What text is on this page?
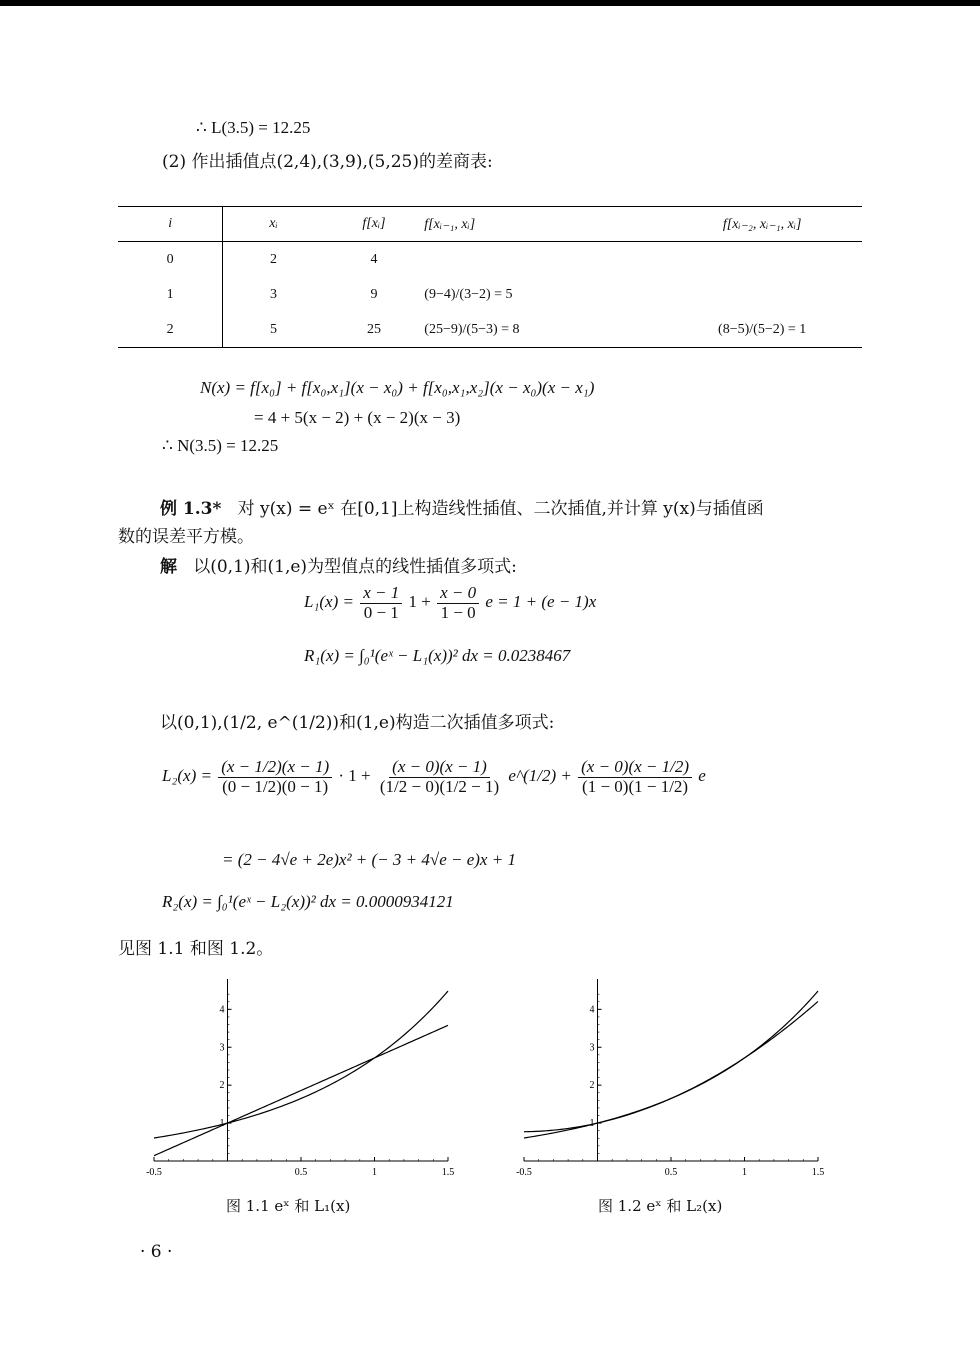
∴ L(3.5) = 12.25
(2) 作出插值点(2,4),(3,9),(5,25)的差商表:
i	xᵢ	f[xᵢ]	f[xᵢ₋₁, xᵢ]	f[xᵢ₋₂, xᵢ₋₁, xᵢ]
0	2	4		
1	3	9	(9−4)/(3−2) = 5	
2	5	25	(25−9)/(5−3) = 8	(8−5)/(5−2) = 1
N(x) = f[x₀] + f[x₀,x₁](x − x₀) + f[x₀,x₁,x₂](x − x₀)(x − x₁)
= 4 + 5(x − 2) + (x − 2)(x − 3)
∴ N(3.5) = 12.25
例 1.3* 对 y(x) = eˣ 在[0,1]上构造线性插值、二次插值,并计算 y(x)与插值函
数的误差平方模。
解 以(0,1)和(1,e)为型值点的线性插值多项式:
$L_1(x) = \frac{x - 1}{0 - 1} 1 + \frac{x - 0}{1 - 0}$ e = 1 + (e − 1)x
R₁(x) = ∫₀¹(eˣ − L₁(x))² dx = 0.0238467
以(0,1),(1/2, e^(1/2))和(1,e)构造二次插值多项式:
$L_2(x) = \frac{(x - 1/2)(x - 1)}{(0 - 1/2)(0 - 1)} \cdot 1 + \frac{(x - 0)(x - 1)}{(1/2 - 0)(1/2 - 1)}$ e^(1/2) + $\frac{(x - 0)(x - 1/2)}{(1 - 0)(1 - 1/2)}$ e
= (2 − 4√e + 2e)x² + (− 3 + 4√e − e)x + 1
R₂(x) = ∫₀¹(eˣ − L₂(x))² dx = 0.0000934121
见图 1.1 和图 1.2。
-0.5	0.5	1	1.5
1
2
3
4
-0.5	0.5	1	1.5
1
2
3
4
图 1.1 eˣ 和 L₁(x)	图 1.2 eˣ 和 L₂(x)
· 6 ·
